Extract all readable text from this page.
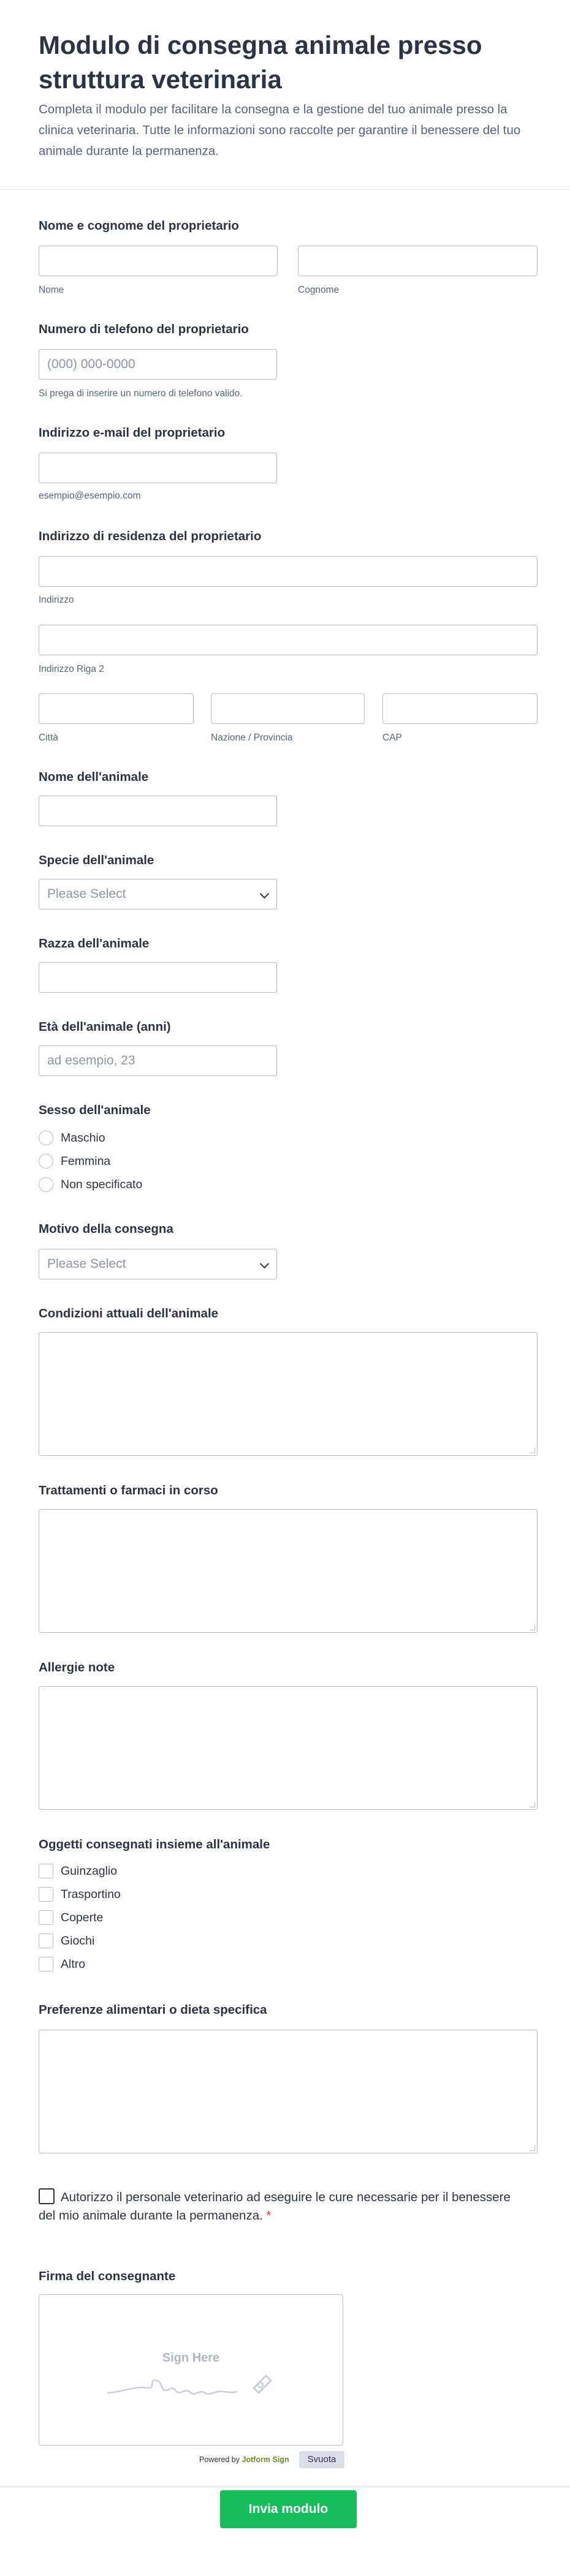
Modulo di consegna animale presso struttura veterinaria

Completa il modulo per facilitare la consegna e la gestione del tuo animale presso la clinica veterinaria. Tutte le informazioni sono raccolte per garantire il benessere del tuo animale durante la permanenza.

Nome e cognome del proprietario
Nome	Cognome
Numero di telefono del proprietario
(000) 000-0000
Si prega di inserire un numero di telefono valido.
Indirizzo e-mail del proprietario
esempio@esempio.com
Indirizzo di residenza del proprietario
Indirizzo
Indirizzo Riga 2
Città	Nazione / Provincia	CAP
Nome dell'animale
Specie dell'animale
Please Select
Razza dell'animale
Età dell'animale (anni)
ad esempio, 23
Sesso dell'animale
Maschio
Femmina
Non specificato
Motivo della consegna
Please Select
Condizioni attuali dell'animale
Trattamenti o farmaci in corso
Allergie note
Oggetti consegnati insieme all'animale
Guinzaglio
Trasportino
Coperte
Giochi
Altro
Preferenze alimentari o dieta specifica
Autorizzo il personale veterinario ad eseguire le cure necessarie per il benessere del mio animale durante la permanenza. *
Firma del consegnante
Sign Here
Powered by Jotform Sign	Svuota
Invia modulo
